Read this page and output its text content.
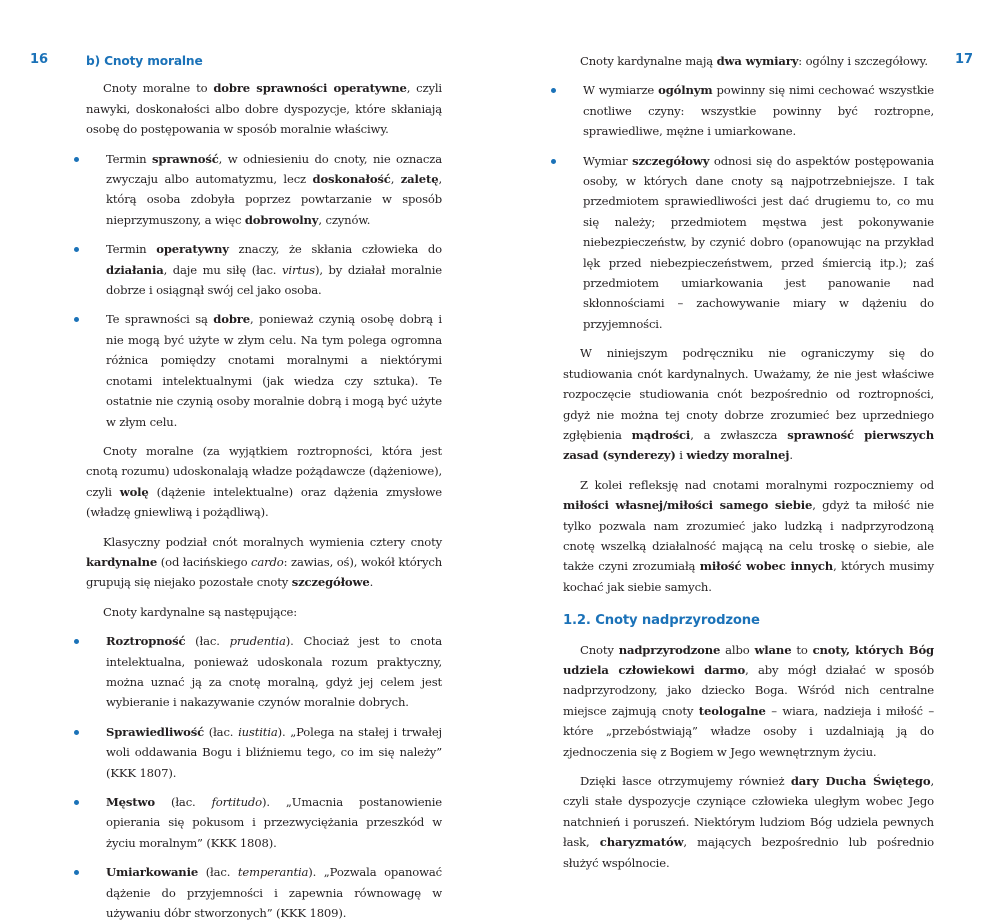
16	17
b) Cnoty moralne

Cnoty moralne to dobre sprawności operatywne, czyli nawyki, doskonałości albo dobre dyspozycje, które skłaniają osobę do postępowania w sposób moralnie właściwy.

Termin sprawność, w odniesieniu do cnoty, nie oznacza zwyczaju albo automatyzmu, lecz doskonałość, zaletę, którą osoba zdobyła poprzez powtarzanie w sposób nieprzymuszony, a więc dobrowolny, czynów.
Termin operatywny znaczy, że skłania człowieka do działania, daje mu siłę (łac. virtus), by działał moralnie dobrze i osiągnął swój cel jako osoba.
Te sprawności są dobre, ponieważ czynią osobę dobrą i nie mogą być użyte w złym celu. Na tym polega ogromna różnica pomiędzy cnotami moralnymi a niektórymi cnotami intelektualnymi (jak wiedza czy sztuka). Te ostatnie nie czynią osoby moralnie dobrą i mogą być użyte w złym celu.

Cnoty moralne (za wyjątkiem roztropności, która jest cnotą rozumu) udoskonalają władze pożądawcze (dążeniowe), czyli wolę (dążenie intelektualne) oraz dążenia zmysłowe (władzę gniewliwą i pożądliwą).

Klasyczny podział cnót moralnych wymienia cztery cnoty kardynalne (od łacińskiego cardo: zawias, oś), wokół których grupują się niejako pozostałe cnoty szczegółowe.

Cnoty kardynalne są następujące:

Roztropność (łac. prudentia). Chociaż jest to cnota intelektualna, ponieważ udoskonala rozum praktyczny, można uznać ją za cnotę moralną, gdyż jej celem jest wybieranie i nakazywanie czynów moralnie dobrych.
Sprawiedliwość (łac. iustitia). „Polega na stałej i trwałej woli oddawania Bogu i bliźniemu tego, co im się należy” (KKK 1807).
Męstwo (łac. fortitudo). „Umacnia postanowienie opierania się pokusom i przezwyciężania przeszkód w życiu moralnym” (KKK 1808).
Umiarkowanie (łac. temperantia). „Pozwala opanować dążenie do przyjemności i zapewnia równowagę w używaniu dóbr stworzonych” (KKK 1809).

Cnoty kardynalne mają dwa wymiary: ogólny i szczegółowy.

W wymiarze ogólnym powinny się nimi cechować wszystkie cnotliwe czyny: wszystkie powinny być roztropne, sprawiedliwe, mężne i umiarkowane.
Wymiar szczegółowy odnosi się do aspektów postępowania osoby, w których dane cnoty są najpotrzebniejsze. I tak przedmiotem sprawiedliwości jest dać drugiemu to, co mu się należy; przedmiotem męstwa jest pokonywanie niebezpieczeństw, by czynić dobro (opanowując na przykład lęk przed niebezpieczeństwem, przed śmiercią itp.); zaś przedmiotem umiarkowania jest panowanie nad skłonnościami – zachowywanie miary w dążeniu do przyjemności.

W niniejszym podręczniku nie ograniczymy się do studiowania cnót kardynalnych. Uważamy, że nie jest właściwe rozpoczęcie studiowania cnót bezpośrednio od roztropności, gdyż nie można tej cnoty dobrze zrozumieć bez uprzedniego zgłębienia mądrości, a zwłaszcza sprawność pierwszych zasad (synderezy) i wiedzy moralnej.

Z kolei refleksję nad cnotami moralnymi rozpoczniemy od miłości własnej/miłości samego siebie, gdyż ta miłość nie tylko pozwala nam zrozumieć jako ludzką i nadprzyrodzoną cnotę wszelką działalność mającą na celu troskę o siebie, ale także czyni zrozumiałą miłość wobec innych, których musimy kochać jak siebie samych.

1.2. Cnoty nadprzyrodzone

Cnoty nadprzyrodzone albo wlane to cnoty, których Bóg udziela człowiekowi darmo, aby mógł działać w sposób nadprzyrodzony, jako dziecko Boga. Wśród nich centralne miejsce zajmują cnoty teologalne – wiara, nadzieja i miłość – które „przebóstwiają” władze osoby i uzdalniają ją do zjednoczenia się z Bogiem w Jego wewnętrznym życiu.

Dzięki łasce otrzymujemy również dary Ducha Świętego, czyli stałe dyspozycje czyniące człowieka uległym wobec Jego natchnień i poruszeń. Niektórym ludziom Bóg udziela pewnych łask, charyzmatów, mających bezpośrednio lub pośrednio służyć wspólnocie.
